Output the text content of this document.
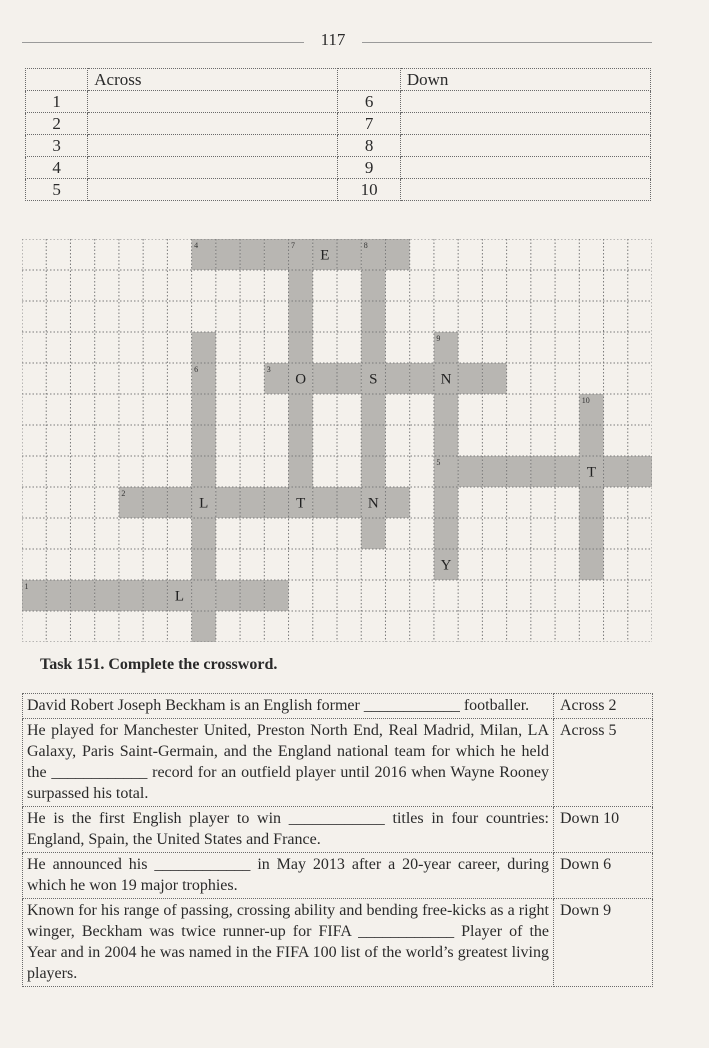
117
	Across		Down
1		6	
2		7	
3		8	
4		9	
5		10	
4	7	8
9
6	3
10
5
2
1
E
O	S	N
T
L	T	N
Y
L
Task 151. Complete the crossword.
David Robert Joseph Beckham is an English former ____________ footballer.	Across 2
He played for Manchester United, Preston North End, Real Madrid, Milan, LA Galaxy, Paris Saint-Germain, and the England national team for which he held the ____________ record for an outfield player until 2016 when Wayne Rooney surpassed his total.	Across 5
He is the first English player to win ____________ titles in four countries: England, Spain, the United States and France.	Down 10
He announced his ____________ in May 2013 after a 20-year career, during which he won 19 major trophies.	Down 6
Known for his range of passing, crossing ability and bending free-kicks as a right winger, Beckham was twice runner-up for FIFA ____________ Player of the Year and in 2004 he was named in the FIFA 100 list of the world’s greatest living players.	Down 9
